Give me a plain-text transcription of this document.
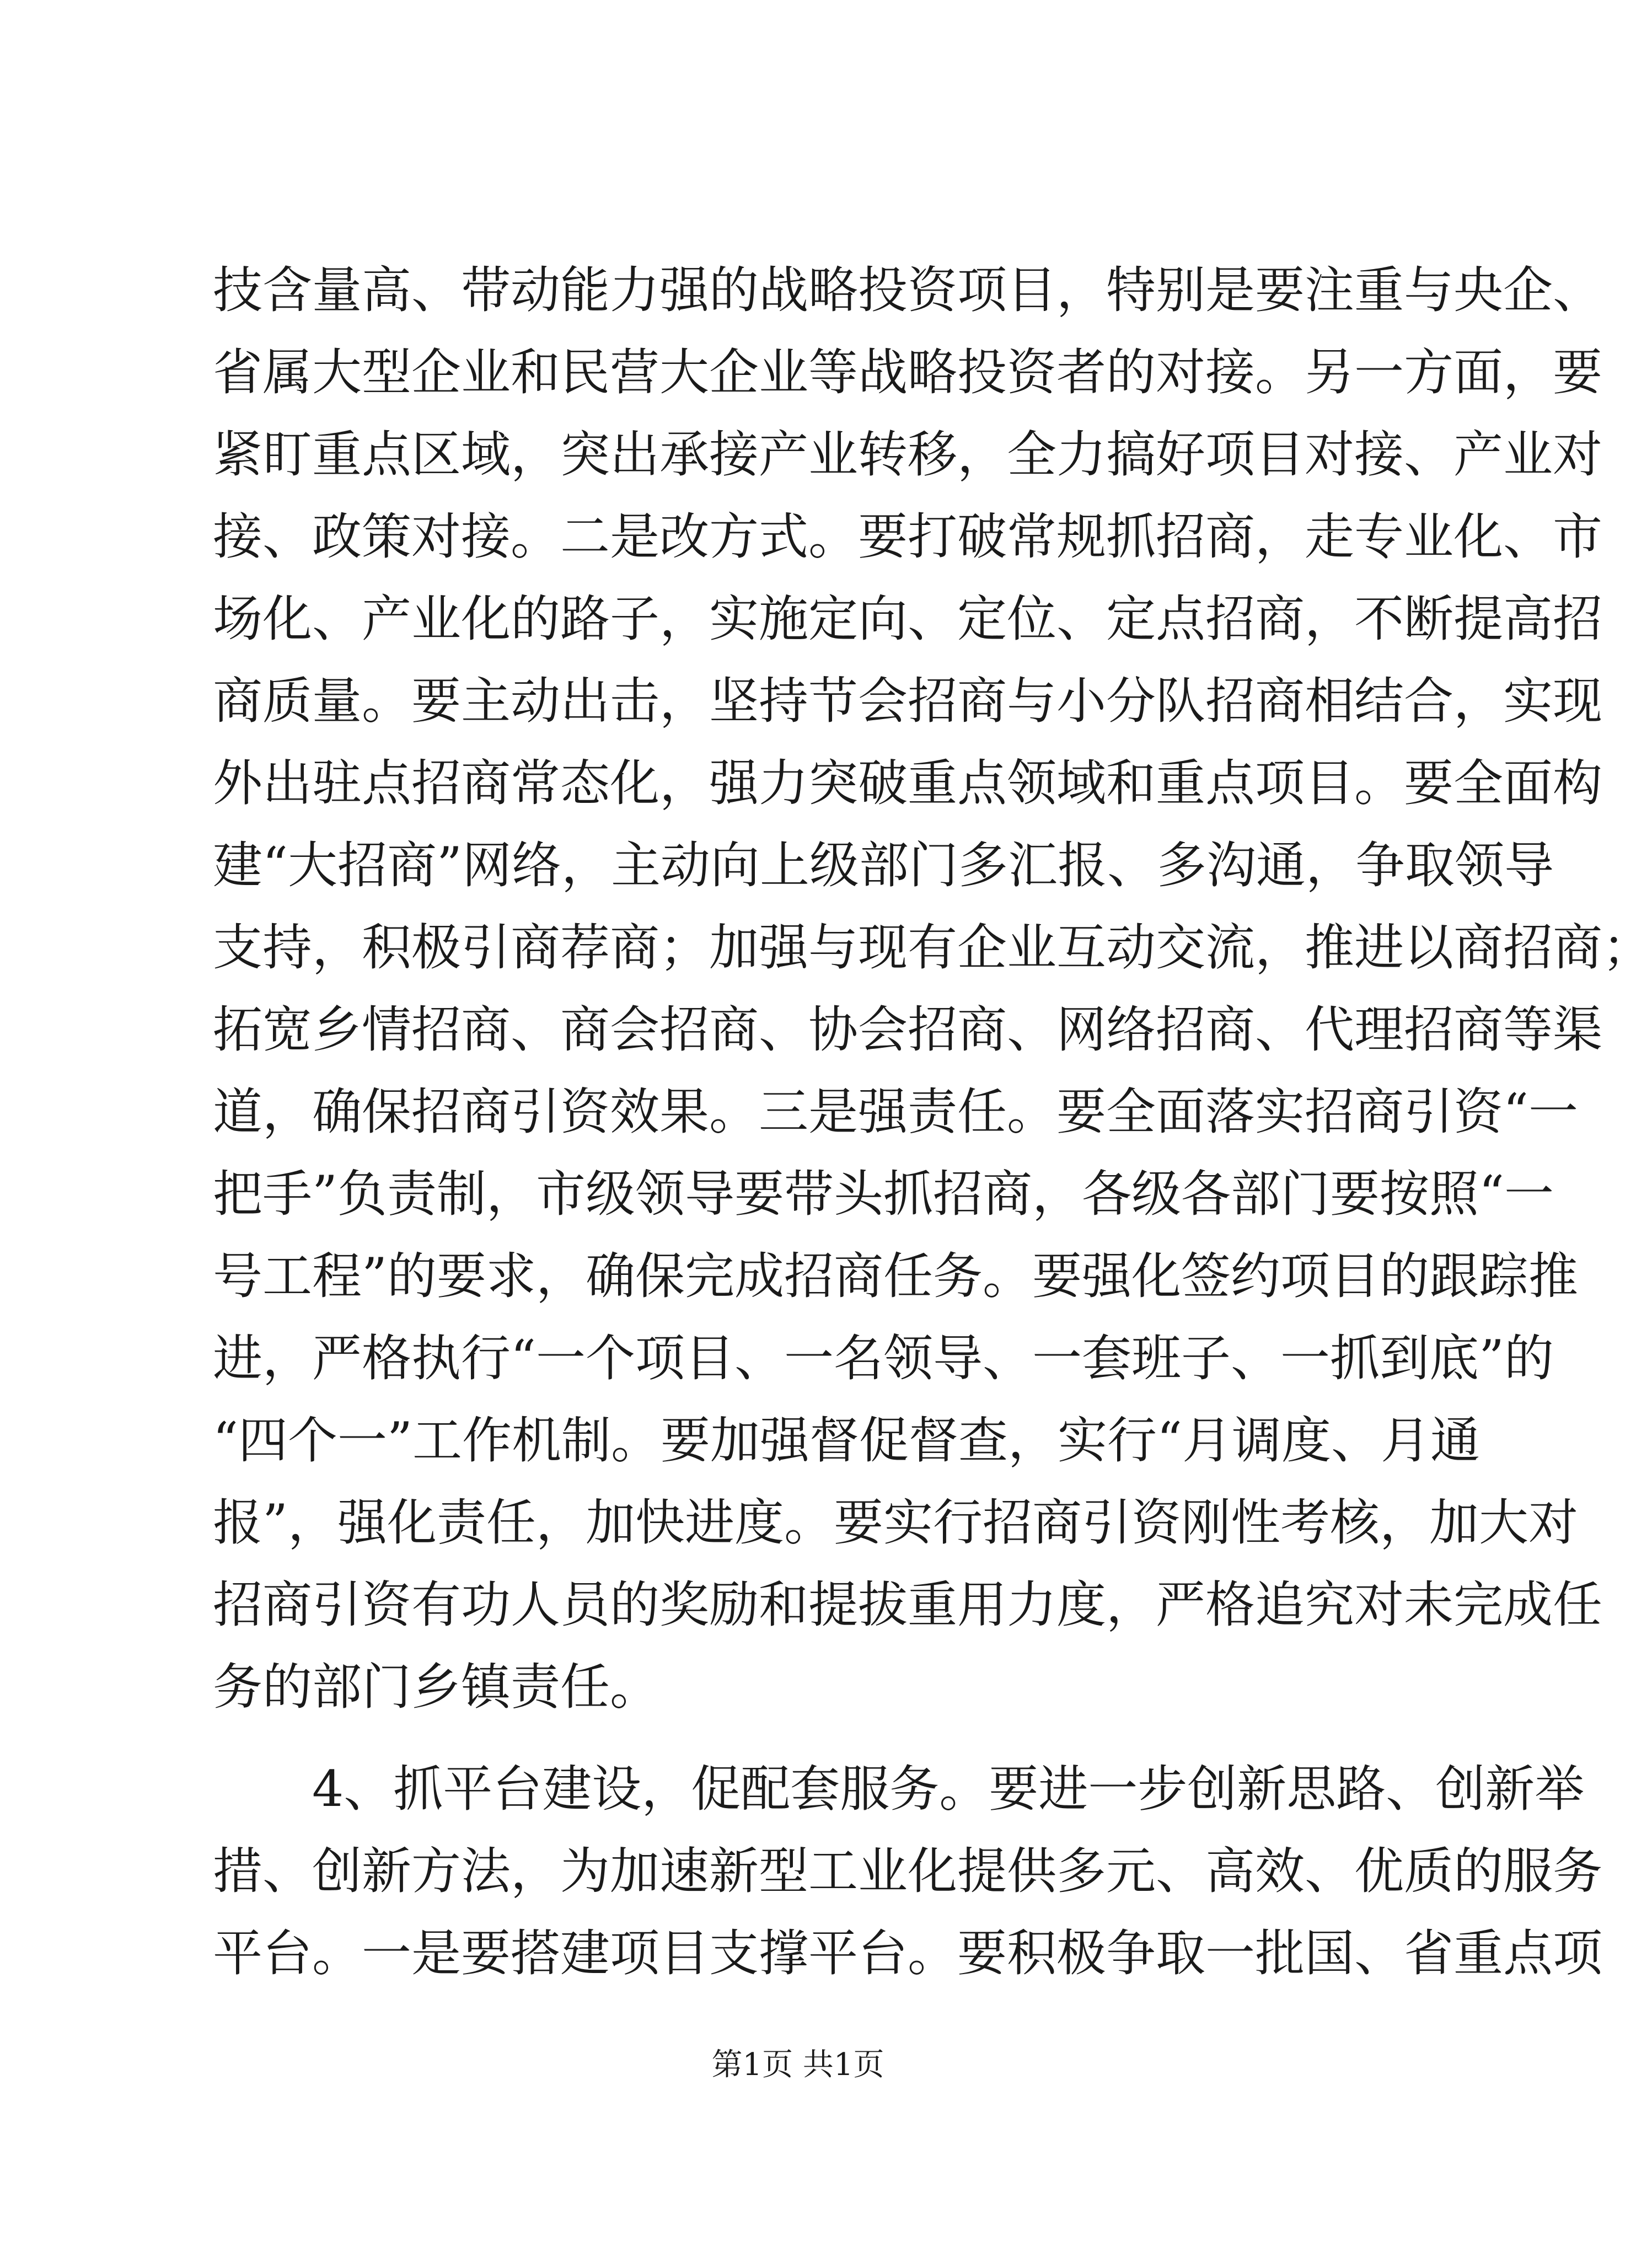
技含量高、带动能力强的战略投资项目，特别是要注重与央企、
省属大型企业和民营大企业等战略投资者的对接。另一方面，要
紧盯重点区域，突出承接产业转移，全力搞好项目对接、产业对
接、政策对接。二是改方式。要打破常规抓招商，走专业化、市
场化、产业化的路子，实施定向、定位、定点招商，不断提高招
商质量。要主动出击，坚持节会招商与小分队招商相结合，实现
外出驻点招商常态化，强力突破重点领域和重点项目。要全面构
建“大招商”网络，主动向上级部门多汇报、多沟通，争取领导
支持，积极引商荐商；加强与现有企业互动交流，推进以商招商；
拓宽乡情招商、商会招商、协会招商、网络招商、代理招商等渠
道，确保招商引资效果。三是强责任。要全面落实招商引资“一
把手”负责制，市级领导要带头抓招商，各级各部门要按照“一
号工程”的要求，确保完成招商任务。要强化签约项目的跟踪推
进，严格执行“一个项目、一名领导、一套班子、一抓到底”的
“四个一”工作机制。要加强督促督查，实行“月调度、月通
报”，强化责任，加快进度。要实行招商引资刚性考核，加大对
招商引资有功人员的奖励和提拔重用力度，严格追究对未完成任
务的部门乡镇责任。
4、抓平台建设，促配套服务。要进一步创新思路、创新举
措、创新方法，为加速新型工业化提供多元、高效、优质的服务
平台。一是要搭建项目支撑平台。要积极争取一批国、省重点项
第1页 共1页
